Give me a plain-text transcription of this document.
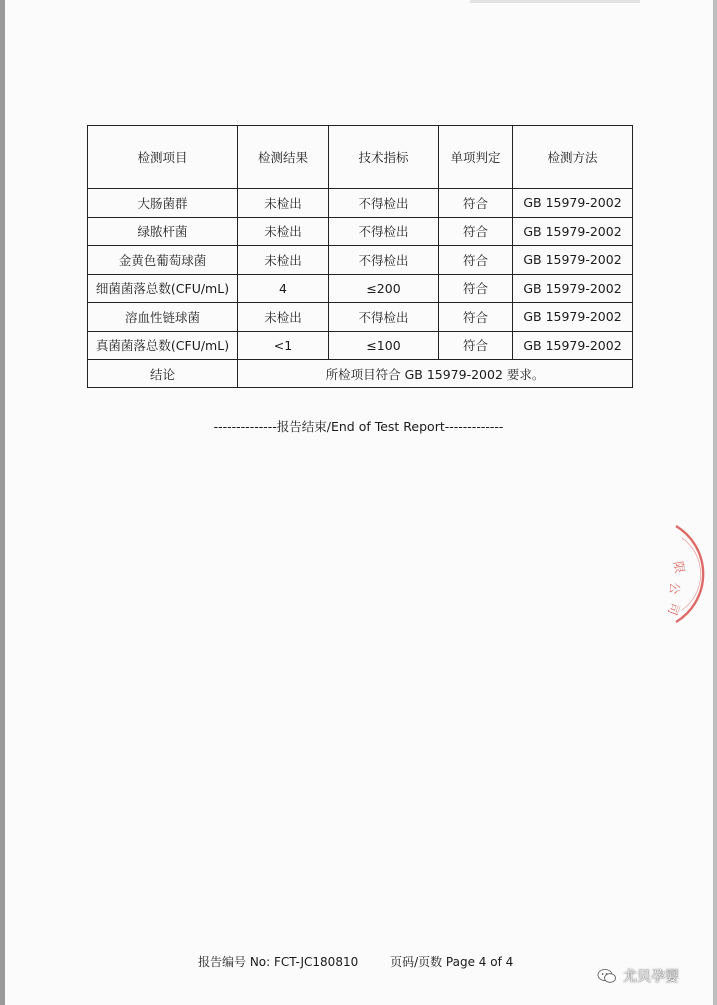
检测项目	检测结果	技术指标	单项判定	检测方法
大肠菌群	未检出	不得检出	符合	GB 15979-2002
绿脓杆菌	未检出	不得检出	符合	GB 15979-2002
金黄色葡萄球菌	未检出	不得检出	符合	GB 15979-2002
细菌菌落总数(CFU/mL)	4	≤200	符合	GB 15979-2002
溶血性链球菌	未检出	不得检出	符合	GB 15979-2002
真菌菌落总数(CFU/mL)	<1	≤100	符合	GB 15979-2002
结论	所检项目符合 GB 15979-2002 要求。			
--------------报告结束/End of Test Report-------------
限
公
司
报告编号 No: FCT-JC180810	页码/页数 Page 4 of 4
尤贝孕婴
